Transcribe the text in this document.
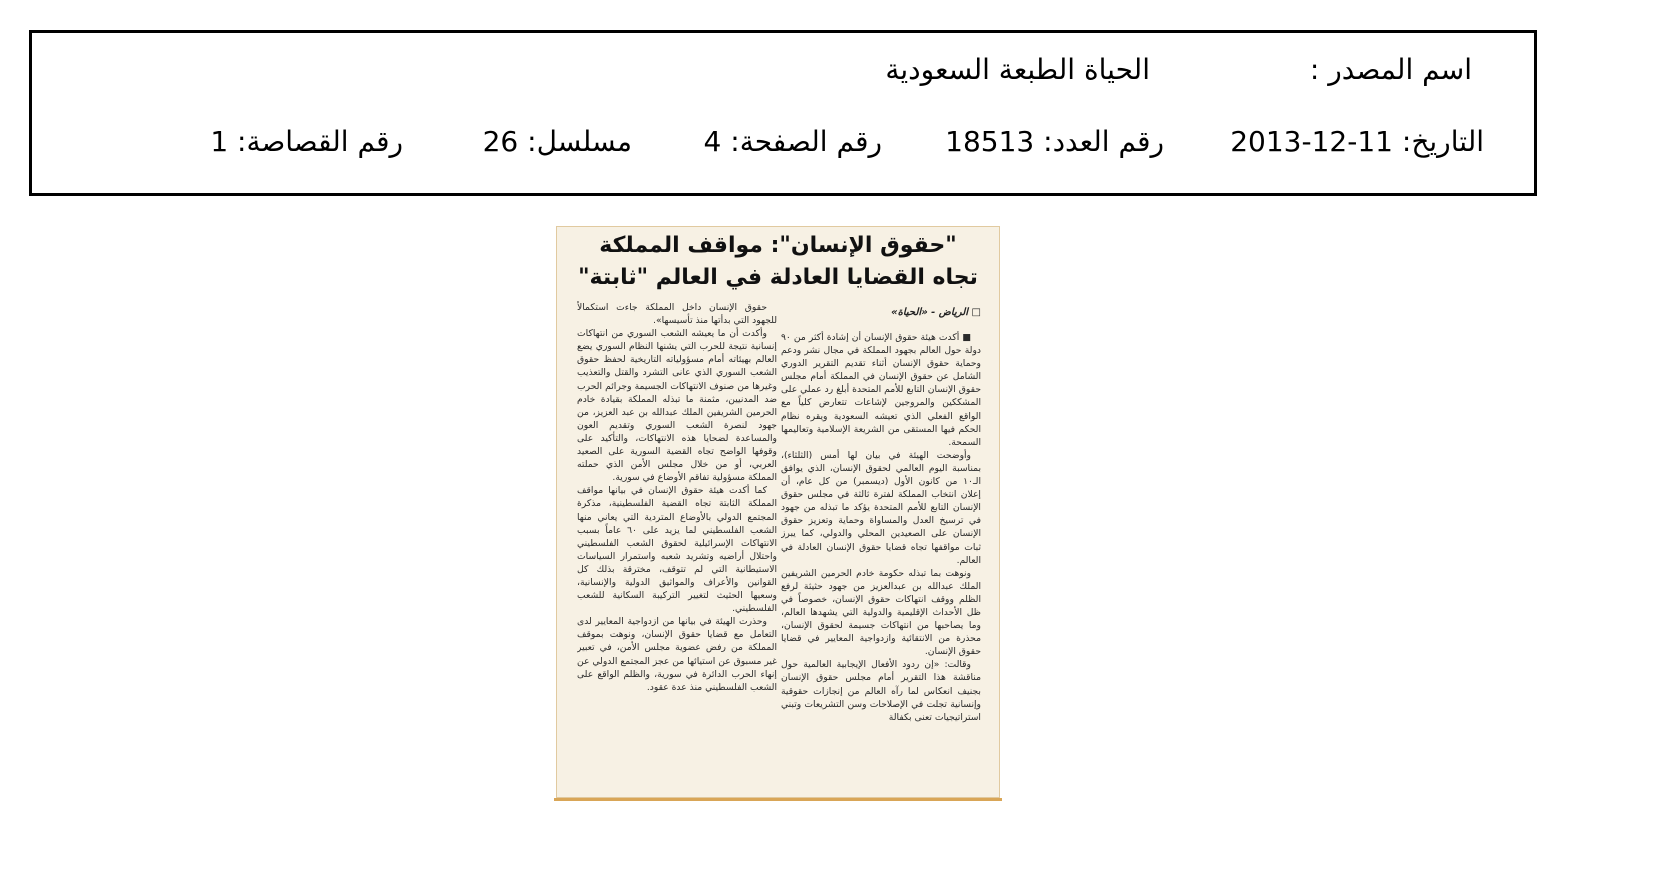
اسم المصدر :
الحياة الطبعة السعودية
التاريخ: 11-12-2013
رقم العدد: 18513
رقم الصفحة: 4
مسلسل: 26
رقم القصاصة: 1
"حقوق الإنسان": مواقف المملكة
تجاه القضايا العادلة في العالم "ثابتة"
□ الرياض - «الحياة»

■ أكدت هيئة حقوق الإنسان أن إشادة أكثر من ٩٠ دولة حول العالم بجهود المملكة في مجال نشر ودعم وحماية حقوق الإنسان أثناء تقديم التقرير الدوري الشامل عن حقوق الإنسان في المملكة أمام مجلس حقوق الإنسان التابع للأمم المتحدة أبلغ رد عملي على المشككين والمروجين لإشاعات تتعارض كلياً مع الواقع الفعلي الذي تعيشه السعودية ويقره نظام الحكم فيها المستقى من الشريعة الإسلامية وتعاليمها السمحة.

وأوضحت الهيئة في بيان لها أمس (الثلثاء)، بمناسبة اليوم العالمي لحقوق الإنسان، الذي يوافق الـ١٠ من كانون الأول (ديسمبر) من كل عام، أن إعلان انتخاب المملكة لفترة ثالثة في مجلس حقوق الإنسان التابع للأمم المتحدة يؤكد ما تبذله من جهود في ترسيخ العدل والمساواة وحماية وتعزيز حقوق الإنسان على الصعيدين المحلي والدولي، كما يبرز ثبات مواقفها تجاه قضايا حقوق الإنسان العادلة في العالم.

ونوهت بما تبذله حكومة خادم الحرمين الشريفين الملك عبدالله بن عبدالعزيز من جهود حثيثة لرفع الظلم ووقف انتهاكات حقوق الإنسان، خصوصاً في ظل الأحداث الإقليمية والدولية التي يشهدها العالم، وما يصاحبها من انتهاكات جسيمة لحقوق الإنسان، محذرة من الانتقائية وازدواجية المعايير في قضايا حقوق الإنسان.

وقالت: «إن ردود الأفعال الإيجابية العالمية حول مناقشة هذا التقرير أمام مجلس حقوق الإنسان بجنيف انعكاس لما رآه العالم من إنجازات حقوقية وإنسانية تجلت في الإصلاحات وسن التشريعات وتبني استراتيجيات تعنى بكفالة

حقوق الإنسان داخل المملكة جاءت استكمالاً للجهود التي بدأتها منذ تأسيسها».

وأكدت أن ما يعيشه الشعب السوري من انتهاكات إنسانية نتيجة للحرب التي يشنها النظام السوري يضع العالم بهيئاته أمام مسؤولياته التاريخية لحفظ حقوق الشعب السوري الذي عانى التشرد والقتل والتعذيب وغيرها من صنوف الانتهاكات الجسيمة وجرائم الحرب ضد المدنيين، مثمنة ما تبذله المملكة بقيادة خادم الحرمين الشريفين الملك عبدالله بن عبد العزيز، من جهود لنصرة الشعب السوري وتقديم العون والمساعدة لضحايا هذه الانتهاكات، والتأكيد على وقوفها الواضح تجاه القضية السورية على الصعيد العربي، أو من خلال مجلس الأمن الذي حملته المملكة مسؤولية تفاقم الأوضاع في سورية.

كما أكدت هيئة حقوق الإنسان في بيانها مواقف المملكة الثابتة تجاه القضية الفلسطينية، مذكرة المجتمع الدولي بالأوضاع المتردية التي يعاني منها الشعب الفلسطيني لما يزيد على ٦٠ عاماً بسبب الانتهاكات الإسرائيلية لحقوق الشعب الفلسطيني واحتلال أراضيه وتشريد شعبه واستمرار السياسات الاستيطانية التي لم تتوقف، مخترقة بذلك كل القوانين والأعراف والمواثيق الدولية والإنسانية، وسعيها الحثيث لتغيير التركيبة السكانية للشعب الفلسطيني.

وحذرت الهيئة في بيانها من ازدواجية المعايير لدى التعامل مع قضايا حقوق الإنسان، ونوهت بموقف المملكة من رفض عضوية مجلس الأمن، في تعبير غير مسبوق عن استيائها من عجز المجتمع الدولي عن إنهاء الحرب الدائرة في سورية، والظلم الواقع على الشعب الفلسطيني منذ عدة عقود.
